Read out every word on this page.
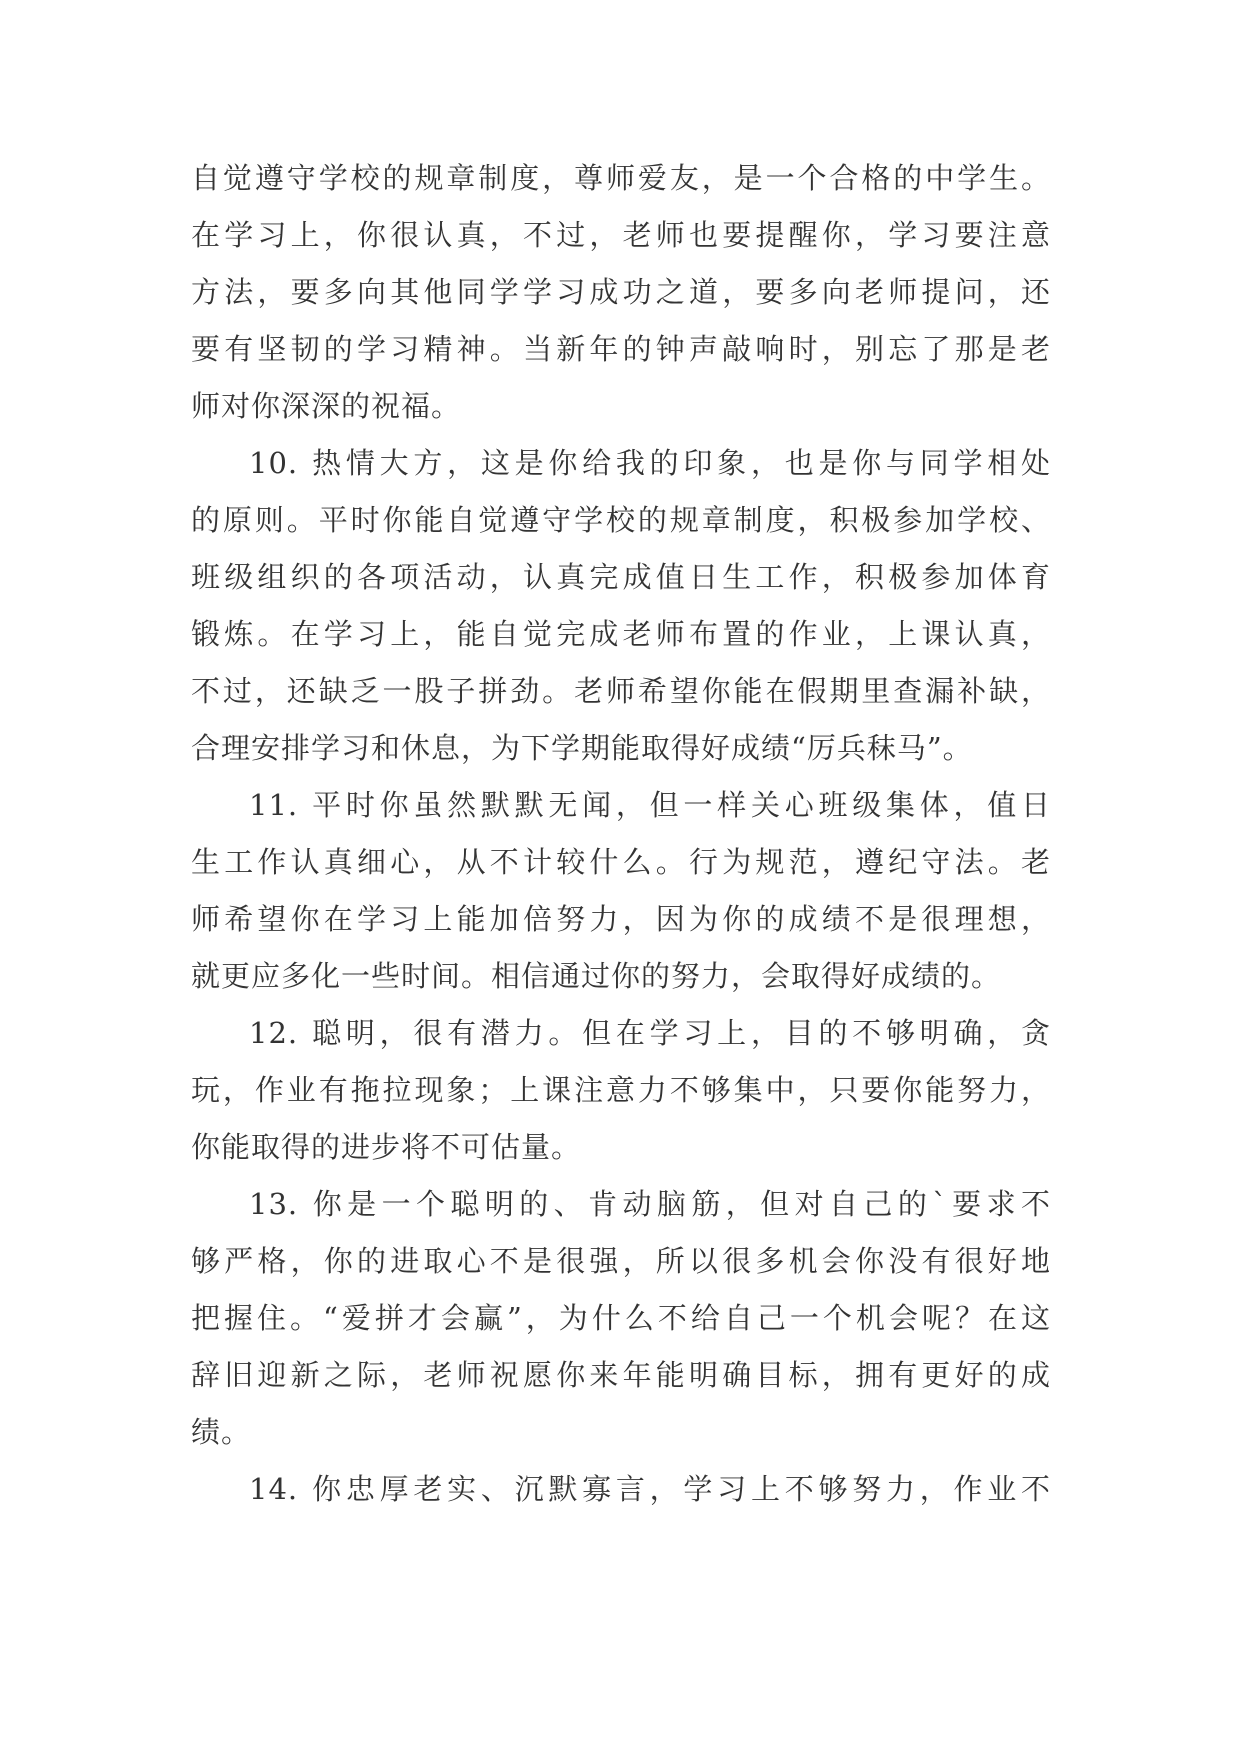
自觉遵守学校的规章制度，尊师爱友，是一个合格的中学生。
在学习上，你很认真，不过，老师也要提醒你，学习要注意
方法，要多向其他同学学习成功之道，要多向老师提问，还
要有坚韧的学习精神。当新年的钟声敲响时，别忘了那是老
师对你深深的祝福。
10. 热情大方，这是你给我的印象，也是你与同学相处
的原则。平时你能自觉遵守学校的规章制度，积极参加学校、
班级组织的各项活动，认真完成值日生工作，积极参加体育
锻炼。在学习上，能自觉完成老师布置的作业，上课认真，
不过，还缺乏一股子拼劲。老师希望你能在假期里查漏补缺，
合理安排学习和休息，为下学期能取得好成绩“厉兵秣马”。
11. 平时你虽然默默无闻，但一样关心班级集体，值日
生工作认真细心，从不计较什么。行为规范，遵纪守法。老
师希望你在学习上能加倍努力，因为你的成绩不是很理想，
就更应多化一些时间。相信通过你的努力，会取得好成绩的。
12. 聪明，很有潜力。但在学习上，目的不够明确，贪
玩，作业有拖拉现象；上课注意力不够集中，只要你能努力，
你能取得的进步将不可估量。
13. 你是一个聪明的、肯动脑筋，但对自己的`要求不
够严格，你的进取心不是很强，所以很多机会你没有很好地
把握住。“爱拼才会赢”，为什么不给自己一个机会呢？在这
辞旧迎新之际，老师祝愿你来年能明确目标，拥有更好的成
绩。
14. 你忠厚老实、沉默寡言，学习上不够努力，作业不
